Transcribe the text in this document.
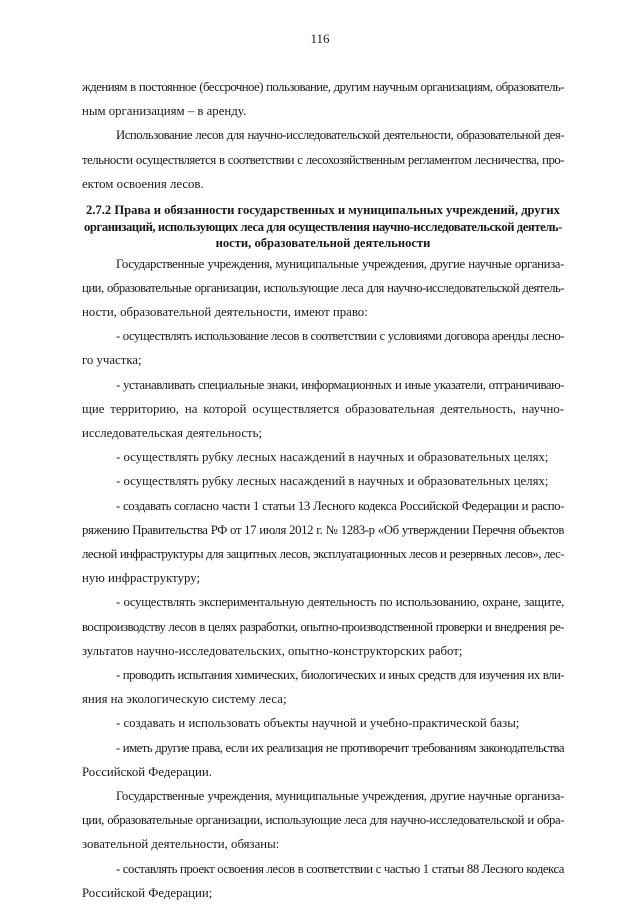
116

ждениям в постоянное (бессрочное) пользование, другим научным организациям, образователь-
ным организациям – в аренду.

Использование лесов для научно-исследовательской деятельности, образовательной дея-
тельности осуществляется в соответствии с лесохозяйственным регламентом лесничества, про-
ектом освоения лесов.

2.7.2 Права и обязанности государственных и муниципальных учреждений, других
организаций, использующих леса для осуществления научно-исследовательской деятель-
ности, образовательной деятельности

Государственные учреждения, муниципальные учреждения, другие научные организа-
ции, образовательные организации, использующие леса для научно-исследовательской деятель-
ности, образовательной деятельности, имеют право:

- осуществлять использование лесов в соответствии с условиями договора аренды лесно-
го участка;

- устанавливать специальные знаки, информационных и иные указатели, отграничиваю-
щие территорию, на которой осуществляется образовательная деятельность, научно-
исследовательская деятельность;

- осуществлять рубку лесных насаждений в научных и образовательных целях;

- осуществлять рубку лесных насаждений в научных и образовательных целях;

- создавать согласно части 1 статьи 13 Лесного кодекса Российской Федерации и распо-
ряжению Правительства РФ от 17 июля 2012 г. № 1283-р «Об утверждении Перечня объектов
лесной инфраструктуры для защитных лесов, эксплуатационных лесов и резервных лесов», лес-
ную инфраструктуру;

- осуществлять экспериментальную деятельность по использованию, охране, защите,
воспроизводству лесов в целях разработки, опытно-производственной проверки и внедрения ре-
зультатов научно-исследовательских, опытно-конструкторских работ;

- проводить испытания химических, биологических и иных средств для изучения их вли-
яния на экологическую систему леса;

- создавать и использовать объекты научной и учебно-практической базы;

- иметь другие права, если их реализация не противоречит требованиям законодательства
Российской Федерации.

Государственные учреждения, муниципальные учреждения, другие научные организа-
ции, образовательные организации, использующие леса для научно-исследовательской и обра-
зовательной деятельности, обязаны:

- составлять проект освоения лесов в соответствии с частью 1 статьи 88 Лесного кодекса
Российской Федерации;
